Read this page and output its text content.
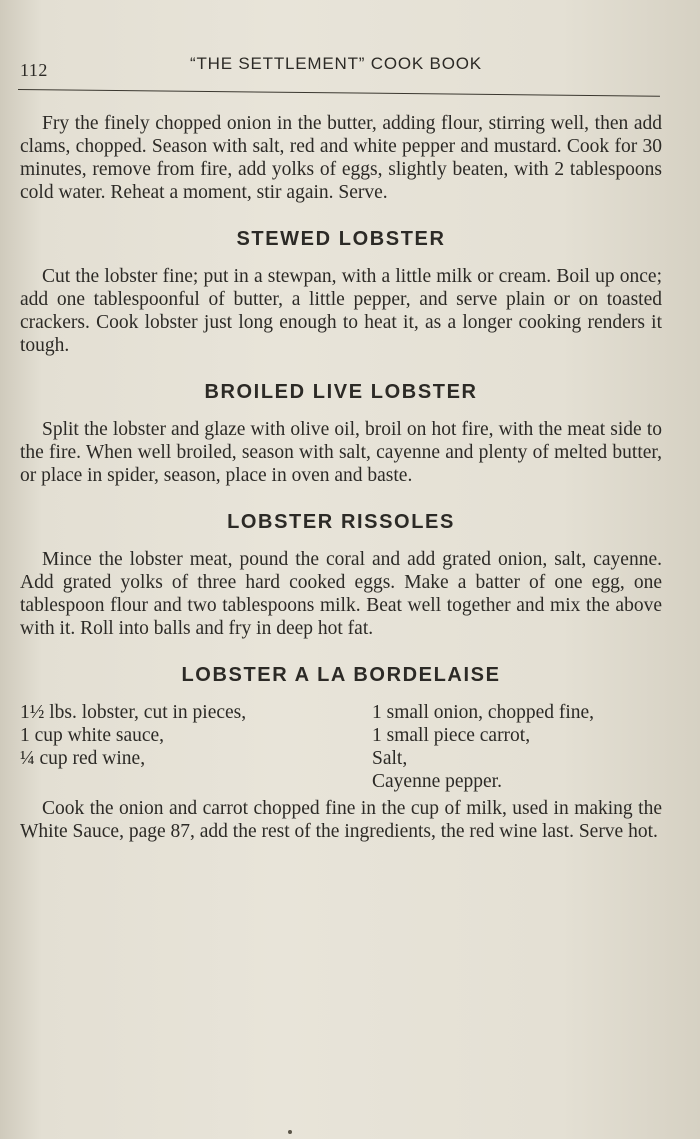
112	“THE SETTLEMENT” COOK BOOK

Fry the finely chopped onion in the butter, adding flour, stirring well, then add clams, chopped. Season with salt, red and white pepper and mustard. Cook for 30 minutes, remove from fire, add yolks of eggs, slightly beaten, with 2 tablespoons cold water. Reheat a moment, stir again. Serve.

STEWED LOBSTER

Cut the lobster fine; put in a stewpan, with a little milk or cream. Boil up once; add one tablespoonful of butter, a little pepper, and serve plain or on toasted crackers. Cook lobster just long enough to heat it, as a longer cooking renders it tough.

BROILED LIVE LOBSTER

Split the lobster and glaze with olive oil, broil on hot fire, with the meat side to the fire. When well broiled, season with salt, cayenne and plenty of melted butter, or place in spider, season, place in oven and baste.

LOBSTER RISSOLES

Mince the lobster meat, pound the coral and add grated onion, salt, cayenne. Add grated yolks of three hard cooked eggs. Make a batter of one egg, one tablespoon flour and two tablespoons milk. Beat well together and mix the above with it. Roll into balls and fry in deep hot fat.

LOBSTER A LA BORDELAISE
1½ lbs. lobster, cut in pieces,
1 cup white sauce,
¼ cup red wine,
1 small onion, chopped fine,
1 small piece carrot,
Salt,
Cayenne pepper.

Cook the onion and carrot chopped fine in the cup of milk, used in making the White Sauce, page 87, add the rest of the ingredients, the red wine last. Serve hot.
